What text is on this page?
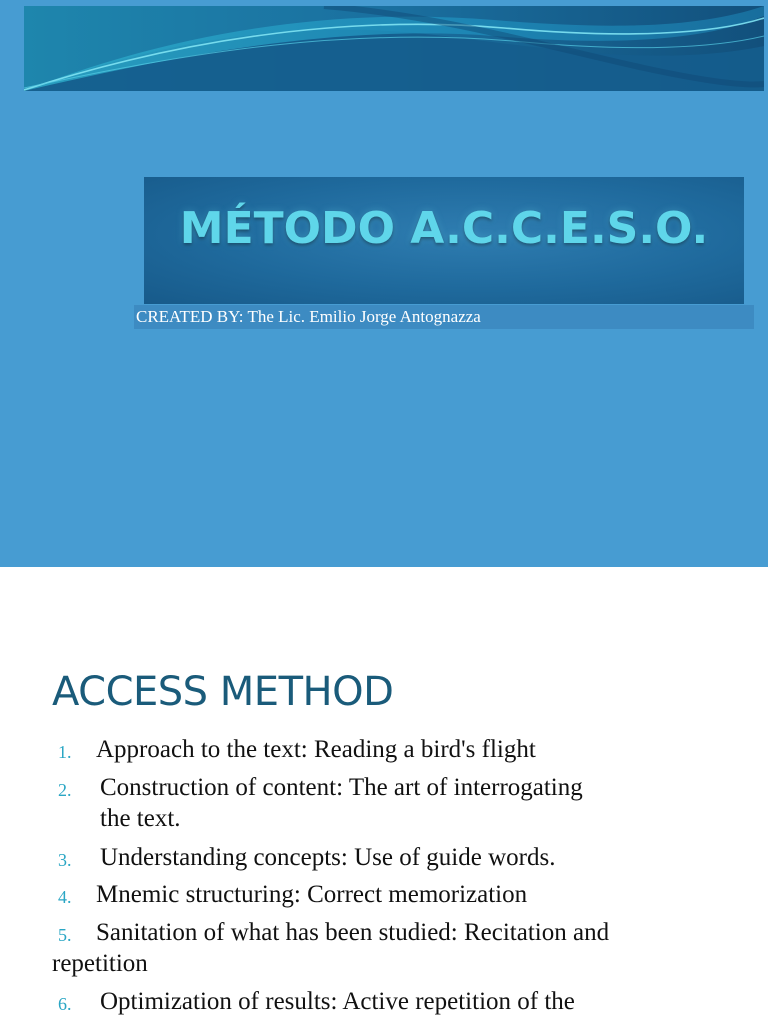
MÉTODO A.C.C.E.S.O.
CREATED BY: The Lic. Emilio Jorge Antognazza
ACCESS METHOD
1. Approach to the text: Reading a bird's flight
2. Construction of content: The art of interrogating
the text.
3. Understanding concepts: Use of guide words.
4. Mnemic structuring: Correct memorization
5. Sanitation of what has been studied: Recitation and
repetition
6. Optimization of results: Active repetition of the
